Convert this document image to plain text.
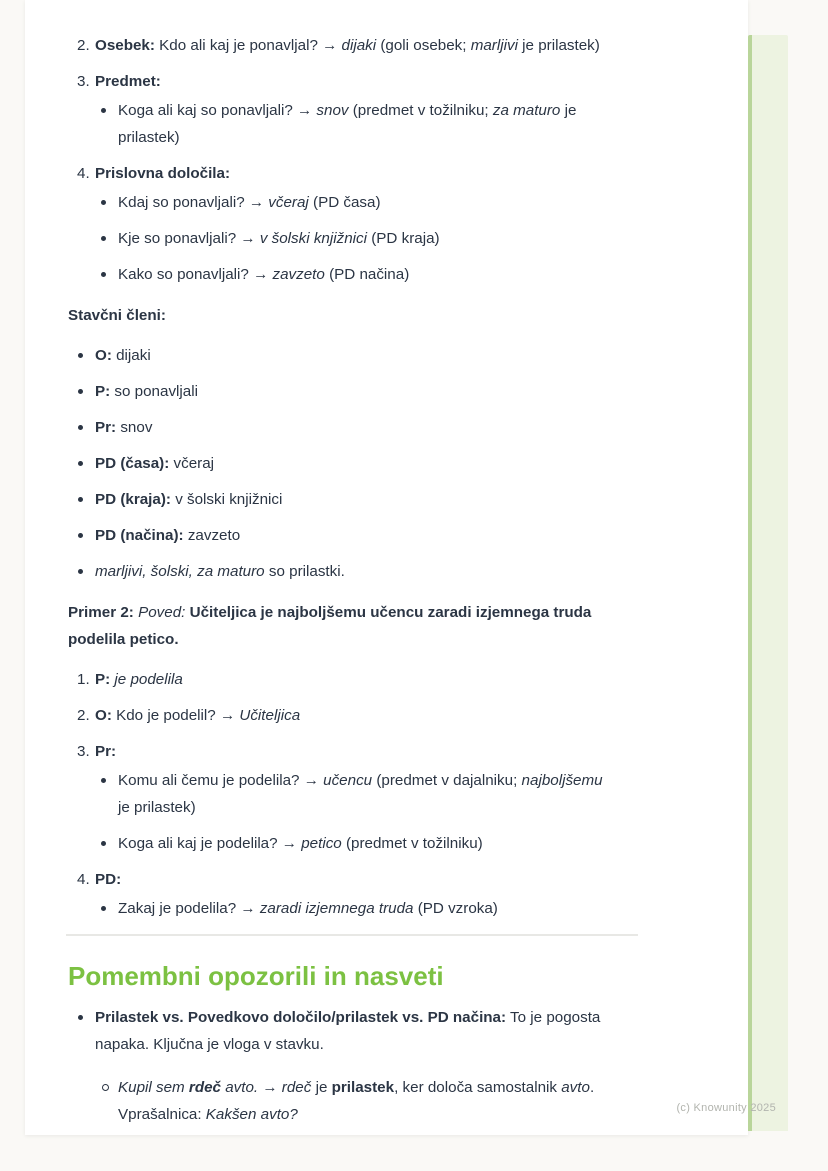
Osebek: Kdo ali kaj je ponavljal? → dijaki (goli osebek; marljivi je prilastek)
Predmet:
Koga ali kaj so ponavljali? → snov (predmet v tožilniku; za maturo je
prilastek)
Prislovna določila:
Kdaj so ponavljali? → včeraj (PD časa)
Kje so ponavljali? → v šolski knjižnici (PD kraja)
Kako so ponavljali? → zavzeto (PD načina)

Stavčni členi:

O: dijaki
P: so ponavljali
Pr: snov
PD (časa): včeraj
PD (kraja): v šolski knjižnici
PD (načina): zavzeto
marljivi, šolski, za maturo so prilastki.

Primer 2: Poved: Učiteljica je najboljšemu učencu zaradi izjemnega truda
podelila petico.

P: je podelila
O: Kdo je podelil? → Učiteljica
Pr:
Komu ali čemu je podelila? → učencu (predmet v dajalniku; najboljšemu
je prilastek)
Koga ali kaj je podelila? → petico (predmet v tožilniku)
PD:
Zakaj je podelila? → zaradi izjemnega truda (PD vzroka)
Pomembni opozorili in nasveti
Prilastek vs. Povedkovo določilo/prilastek vs. PD načina: To je pogosta
napaka. Ključna je vloga v stavku.
Kupil sem rdeč avto. → rdeč je prilastek, ker določa samostalnik avto.
Vprašalnica: Kakšen avto?	(c) Knowunity 2025
